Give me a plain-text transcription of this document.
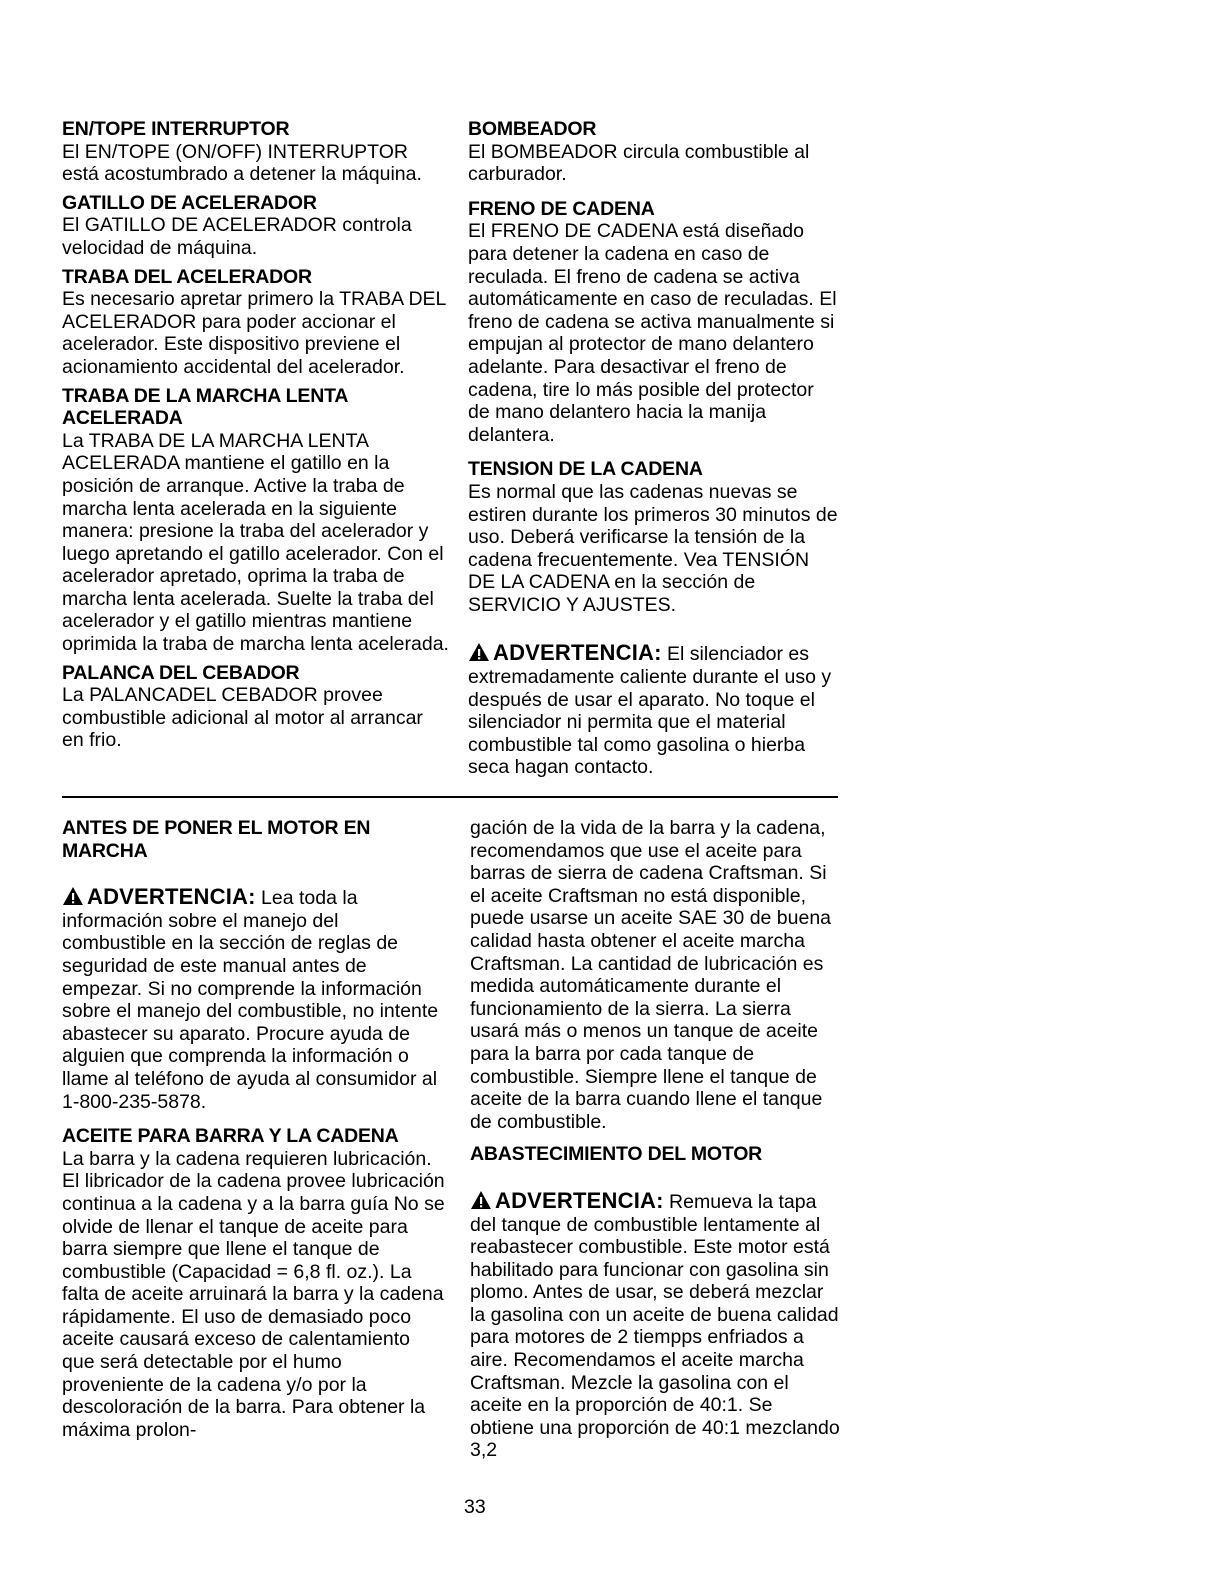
EN/TOPE INTERRUPTOR

El EN/TOPE (ON/OFF) INTERRUPTOR está acostumbrado a detener la máquina.

GATILLO DE ACELERADOR

El GATILLO DE ACELERADOR controla velocidad de máquina.

TRABA DEL ACELERADOR

Es necesario apretar primero la TRABA DEL ACELERADOR para poder accionar el acelerador. Este dispositivo previene el acionamiento accidental del acelerador.

TRABA DE LA MARCHA LENTA ACELERADA

La TRABA DE LA MARCHA LENTA ACELERADA mantiene el gatillo en la posición de arranque. Active la traba de marcha lenta acelerada en la siguiente manera: presione la traba del acelerador y luego apretando el gatillo acelerador. Con el acelerador apretado, oprima la traba de marcha lenta acelerada. Suelte la traba del acelerador y el gatillo mientras mantiene oprimida la traba de marcha lenta acelerada.

PALANCA DEL CEBADOR

La PALANCADEL CEBADOR provee combustible adicional al motor al arrancar en frio.

BOMBEADOR

El BOMBEADOR circula combustible al carburador.

FRENO DE CADENA

El FRENO DE CADENA está diseñado para detener la cadena en caso de reculada. El freno de cadena se activa automáticamente en caso de reculadas. El freno de cadena se activa manualmente si empujan al protector de mano delantero adelante. Para desactivar el freno de cadena, tire lo más posible del protector de mano delantero hacia la manija delantera.

TENSION DE LA CADENA

Es normal que las cadenas nuevas se estiren durante los primeros 30 minutos de uso. Deberá verificarse la tensión de la cadena frecuentemente. Vea TENSIÓN DE LA CADENA en la sección de SERVICIO Y AJUSTES.

ADVERTENCIA: El silenciador es extremadamente caliente durante el uso y después de usar el aparato. No toque el silenciador ni permita que el material combustible tal como gasolina o hierba seca hagan contacto.

ANTES DE PONER EL MOTOR EN MARCHA

ADVERTENCIA: Lea toda la información sobre el manejo del combustible en la sección de reglas de seguridad de este manual antes de empezar. Si no comprende la información sobre el manejo del combustible, no intente abastecer su aparato. Procure ayuda de alguien que comprenda la información o llame al teléfono de ayuda al consumidor al 1-800-235-5878.

ACEITE PARA BARRA Y LA CADENA

La barra y la cadena requieren lubricación. El libricador de la cadena provee lubricación continua a la cadena y a la barra guía No se olvide de llenar el tanque de aceite para barra siempre que llene el tanque de combustible (Capacidad = 6,8 fl. oz.). La falta de aceite arruinará la barra y la cadena rápidamente. El uso de demasiado poco aceite causará exceso de calentamiento que será detectable por el humo proveniente de la cadena y/o por la descoloración de la barra. Para obtener la máxima prolon-

gación de la vida de la barra y la cadena, recomendamos que use el aceite para barras de sierra de cadena Craftsman. Si el aceite Craftsman no está disponible, puede usarse un aceite SAE 30 de buena calidad hasta obtener el aceite marcha Craftsman. La cantidad de lubricación es medida automáticamente durante el funcionamiento de la sierra. La sierra usará más o menos un tanque de aceite para la barra por cada tanque de combustible. Siempre llene el tanque de aceite de la barra cuando llene el tanque de combustible.

ABASTECIMIENTO DEL MOTOR

ADVERTENCIA: Remueva la tapa del tanque de combustible lentamente al reabastecer combustible. Este motor está habilitado para funcionar con gasolina sin plomo. Antes de usar, se deberá mezclar la gasolina con un aceite de buena calidad para motores de 2 tiempps enfriados a aire. Recomendamos el aceite marcha Craftsman. Mezcle la gasolina con el aceite en la proporción de 40:1. Se obtiene una proporción de 40:1 mezclando 3,2

33
